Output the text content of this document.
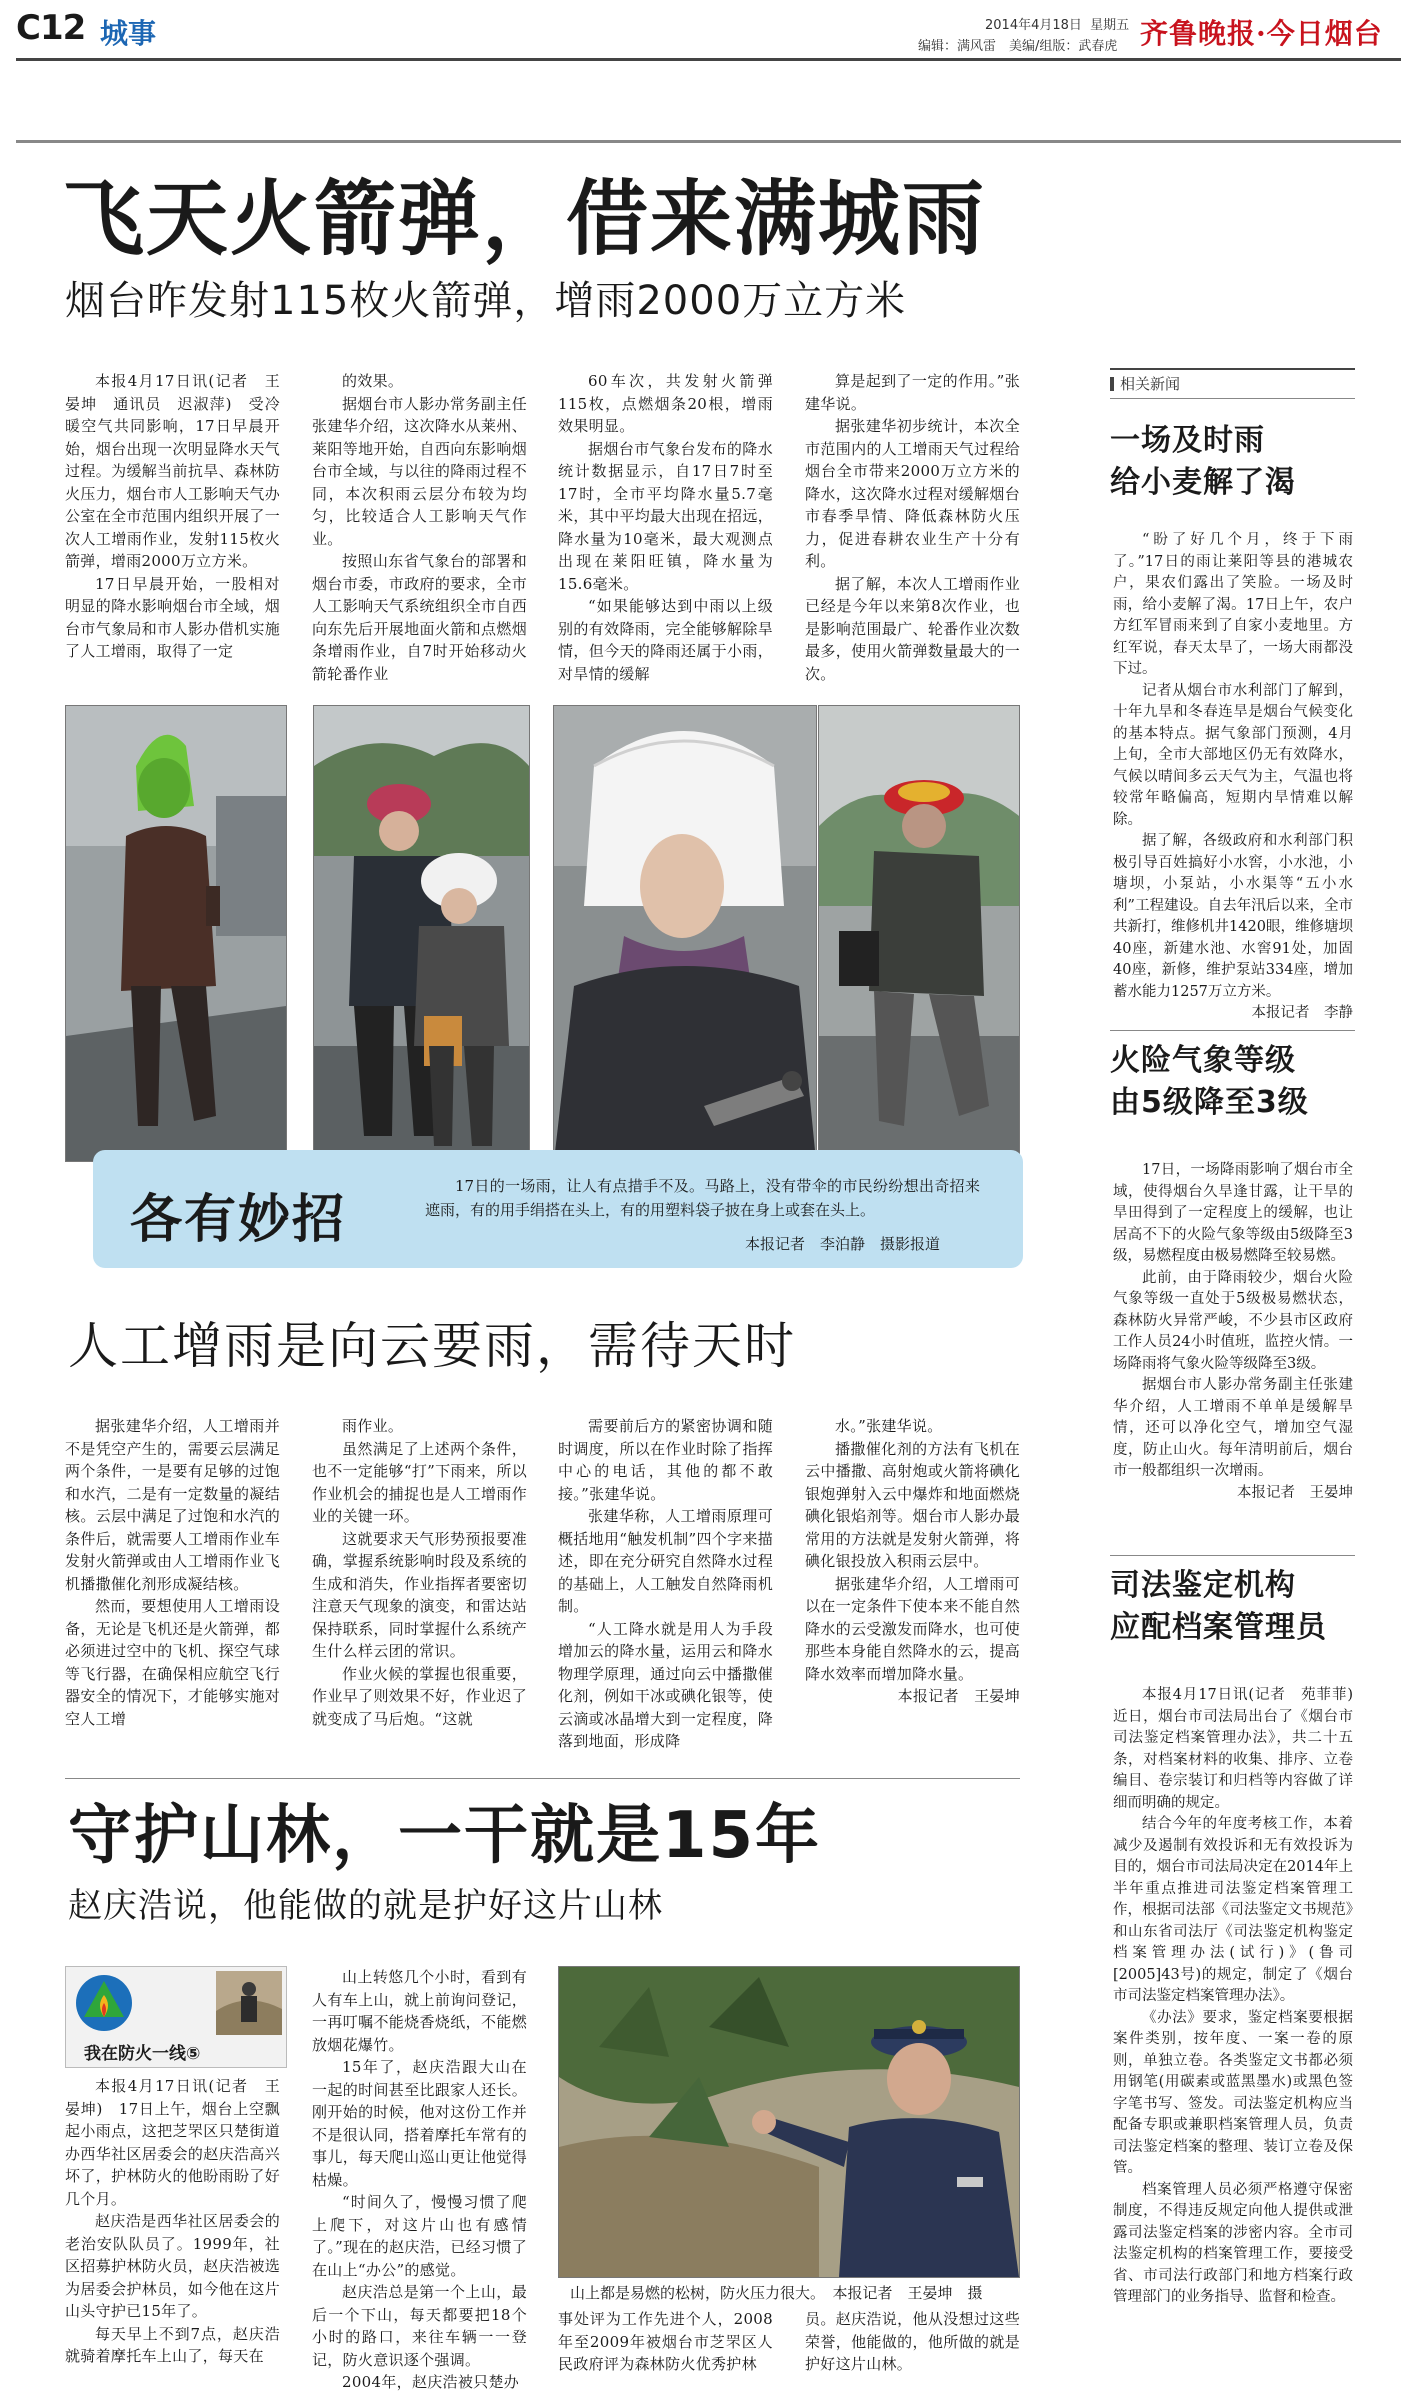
C12 城事	2014年4月18日 星期五
编辑：满风雷　美编/组版：武春虎 齐鲁晚报·今日烟台
飞天火箭弹，借来满城雨
烟台昨发射115枚火箭弹，增雨2000万立方米

本报4月17日讯(记者　王晏坤　通讯员　迟淑萍)　受冷暖空气共同影响，17日早晨开始，烟台出现一次明显降水天气过程。为缓解当前抗旱、森林防火压力，烟台市人工影响天气办公室在全市范围内组织开展了一次人工增雨作业，发射115枚火箭弹，增雨2000万立方米。

17日早晨开始，一股相对明显的降水影响烟台市全域，烟台市气象局和市人影办借机实施了人工增雨，取得了一定

的效果。

据烟台市人影办常务副主任张建华介绍，这次降水从莱州、莱阳等地开始，自西向东影响烟台市全域，与以往的降雨过程不同，本次积雨云层分布较为均匀，比较适合人工影响天气作业。

按照山东省气象台的部署和烟台市委，市政府的要求，全市人工影响天气系统组织全市自西向东先后开展地面火箭和点燃烟条增雨作业，自7时开始移动火箭轮番作业

60车次，共发射火箭弹115枚，点燃烟条20根，增雨效果明显。

据烟台市气象台发布的降水统计数据显示，自17日7时至17时，全市平均降水量5.7毫米，其中平均最大出现在招远，降水量为10毫米，最大观测点出现在莱阳旺镇，降水量为15.6毫米。

“如果能够达到中雨以上级别的有效降雨，完全能够解除旱情，但今天的降雨还属于小雨，对旱情的缓解

算是起到了一定的作用。”张建华说。

据张建华初步统计，本次全市范围内的人工增雨天气过程给烟台全市带来2000万立方米的降水，这次降水过程对缓解烟台市春季旱情、降低森林防火压力，促进春耕农业生产十分有利。

据了解，本次人工增雨作业已经是今年以来第8次作业，也是影响范围最广、轮番作业次数最多，使用火箭弹数量最大的一次。

各有妙招
17日的一场雨，让人有点措手不及。马路上，没有带伞的市民纷纷想出奇招来遮雨，有的用手绢搭在头上，有的用塑料袋子披在身上或套在头上。
本报记者　李泊静　摄影报道
人工增雨是向云要雨，需待天时

据张建华介绍，人工增雨并不是凭空产生的，需要云层满足两个条件，一是要有足够的过饱和水汽，二是有一定数量的凝结核。云层中满足了过饱和水汽的条件后，就需要人工增雨作业车发射火箭弹或由人工增雨作业飞机播撒催化剂形成凝结核。

然而，要想使用人工增雨设备，无论是飞机还是火箭弹，都必须进过空中的飞机、探空气球等飞行器，在确保相应航空飞行器安全的情况下，才能够实施对空人工增

雨作业。

虽然满足了上述两个条件，也不一定能够“打”下雨来，所以作业机会的捕捉也是人工增雨作业的关键一环。

这就要求天气形势预报要准确，掌握系统影响时段及系统的生成和消失，作业指挥者要密切注意天气现象的演变，和雷达站保持联系，同时掌握什么系统产生什么样云团的常识。

作业火候的掌握也很重要，作业早了则效果不好，作业迟了就变成了马后炮。“这就

需要前后方的紧密协调和随时调度，所以在作业时除了指挥中心的电话，其他的都不敢接。”张建华说。

张建华称，人工增雨原理可概括地用“触发机制”四个字来描述，即在充分研究自然降水过程的基础上，人工触发自然降雨机制。

“人工降水就是用人为手段增加云的降水量，运用云和降水物理学原理，通过向云中播撒催化剂，例如干冰或碘化银等，使云滴或冰晶增大到一定程度，降落到地面，形成降

水。”张建华说。

播撒催化剂的方法有飞机在云中播撒、高射炮或火箭将碘化银炮弹射入云中爆炸和地面燃烧碘化银焰剂等。烟台市人影办最常用的方法就是发射火箭弹，将碘化银投放入积雨云层中。

据张建华介绍，人工增雨可以在一定条件下使本来不能自然降水的云受激发而降水，也可使那些本身能自然降水的云，提高降水效率而增加降水量。

本报记者　王晏坤
守护山林，一干就是15年
赵庆浩说，他能做的就是护好这片山林
我在防火一线⑤

本报4月17日讯(记者　王晏坤)　17日上午，烟台上空飘起小雨点，这把芝罘区只楚街道办西华社区居委会的赵庆浩高兴坏了，护林防火的他盼雨盼了好几个月。

赵庆浩是西华社区居委会的老治安队队员了。1999年，社区招募护林防火员，赵庆浩被选为居委会护林员，如今他在这片山头守护已15年了。

每天早上不到7点，赵庆浩就骑着摩托车上山了，每天在

山上转悠几个小时，看到有人有车上山，就上前询问登记，一再叮嘱不能烧香烧纸，不能燃放烟花爆竹。

15年了，赵庆浩跟大山在一起的时间甚至比跟家人还长。刚开始的时候，他对这份工作并不是很认同，搭着摩托车常有的事儿，每天爬山巡山更让他觉得枯燥。

“时间久了，慢慢习惯了爬上爬下，对这片山也有感情了。”现在的赵庆浩，已经习惯了在山上“办公”的感觉。

赵庆浩总是第一个上山，最后一个下山，每天都要把18个小时的路口，来往车辆一一登记，防火意识逐个强调。

2004年，赵庆浩被只楚办

山上都是易燃的松树，防火压力很大。　本报记者　王晏坤　摄

事处评为工作先进个人，2008年至2009年被烟台市芝罘区人民政府评为森林防火优秀护林

员。赵庆浩说，他从没想过这些荣誉，他能做的，他所做的就是护好这片山林。

相关新闻
一场及时雨
给小麦解了渴

“盼了好几个月，终于下雨了。”17日的雨让莱阳等县的港城农户，果农们露出了笑脸。一场及时雨，给小麦解了渴。17日上午，农户方红军冒雨来到了自家小麦地里。方红军说，春天太旱了，一场大雨都没下过。

记者从烟台市水利部门了解到，十年九旱和冬春连旱是烟台气候变化的基本特点。据气象部门预测，4月上旬，全市大部地区仍无有效降水，气候以晴间多云天气为主，气温也将较常年略偏高，短期内旱情难以解除。

据了解，各级政府和水利部门积极引导百姓搞好小水窖，小水池，小塘坝，小泵站，小水渠等“五小水利”工程建设。自去年汛后以来，全市共新打，维修机井1420眼，维修塘坝40座，新建水池、水窖91处，加固40座，新修，维护泵站334座，增加蓄水能力1257万立方米。

本报记者　李静
火险气象等级
由5级降至3级

17日，一场降雨影响了烟台市全域，使得烟台久旱逢甘露，让干旱的旱田得到了一定程度上的缓解，也让居高不下的火险气象等级由5级降至3级，易燃程度由极易燃降至较易燃。

此前，由于降雨较少，烟台火险气象等级一直处于5级极易燃状态，森林防火异常严峻，不少县市区政府工作人员24小时值班，监控火情。一场降雨将气象火险等级降至3级。

据烟台市人影办常务副主任张建华介绍，人工增雨不单单是缓解旱情，还可以净化空气，增加空气湿度，防止山火。每年清明前后，烟台市一般都组织一次增雨。

本报记者　王晏坤
司法鉴定机构
应配档案管理员

本报4月17日讯(记者　苑菲菲)　近日，烟台市司法局出台了《烟台市司法鉴定档案管理办法》，共二十五条，对档案材料的收集、排序、立卷编目、卷宗装订和归档等内容做了详细而明确的规定。

结合今年的年度考核工作，本着减少及遏制有效投诉和无有效投诉为目的，烟台市司法局决定在2014年上半年重点推进司法鉴定档案管理工作，根据司法部《司法鉴定文书规范》和山东省司法厅《司法鉴定机构鉴定档案管理办法(试行)》(鲁司[2005]43号)的规定，制定了《烟台市司法鉴定档案管理办法》。

《办法》要求，鉴定档案要根据案件类别，按年度、一案一卷的原则，单独立卷。各类鉴定文书都必须用钢笔(用碳素或蓝黑墨水)或黑色签字笔书写、签发。司法鉴定机构应当配备专职或兼职档案管理人员，负责司法鉴定档案的整理、装订立卷及保管。

档案管理人员必须严格遵守保密制度，不得违反规定向他人提供或泄露司法鉴定档案的涉密内容。全市司法鉴定机构的档案管理工作，要接受省、市司法行政部门和地方档案行政管理部门的业务指导、监督和检查。
